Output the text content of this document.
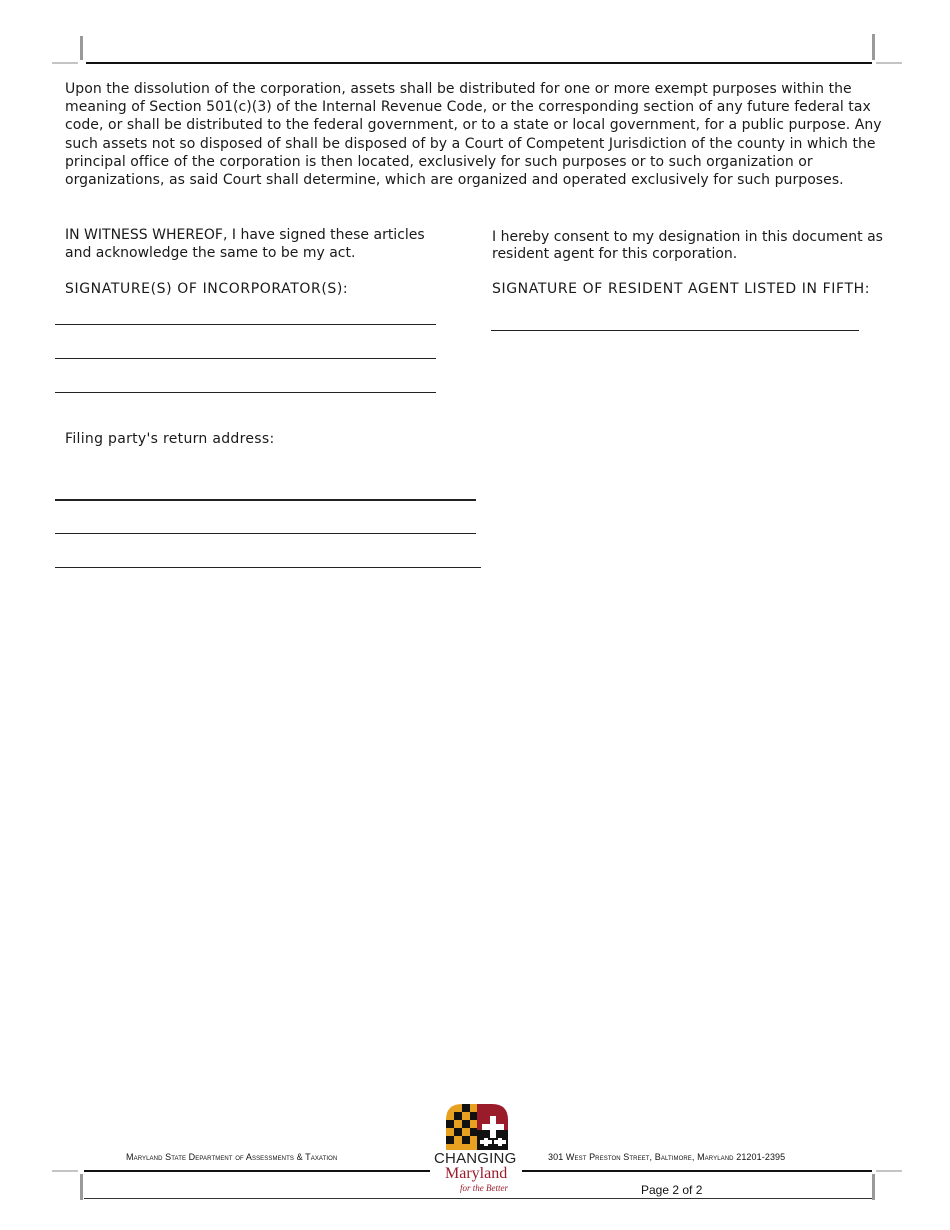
Upon the dissolution of the corporation, assets shall be distributed for one or more exempt purposes within the meaning of Section 501(c)(3) of the Internal Revenue Code, or the corresponding section of any future federal tax code, or shall be distributed to the federal government, or to a state or local government, for a public purpose. Any such assets not so disposed of shall be disposed of by a Court of Competent Jurisdiction of the county in which the principal office of the corporation is then located, exclusively for such purposes or to such organization or organizations, as said Court shall determine, which are organized and operated exclusively for such purposes.
IN WITNESS WHEREOF, I have signed these articles
and acknowledge the same to be my act.
SIGNATURE(S) OF INCORPORATOR(S):
Filing party's return address:
I hereby consent to my designation in this document as
resident agent for this corporation.
SIGNATURE OF RESIDENT AGENT LISTED IN FIFTH:
Maryland State Department of Assessments & Taxation	301 West Preston Street, Baltimore, Maryland 21201-2395
Page 2 of 2
CHANGING
Maryland
for the Better
